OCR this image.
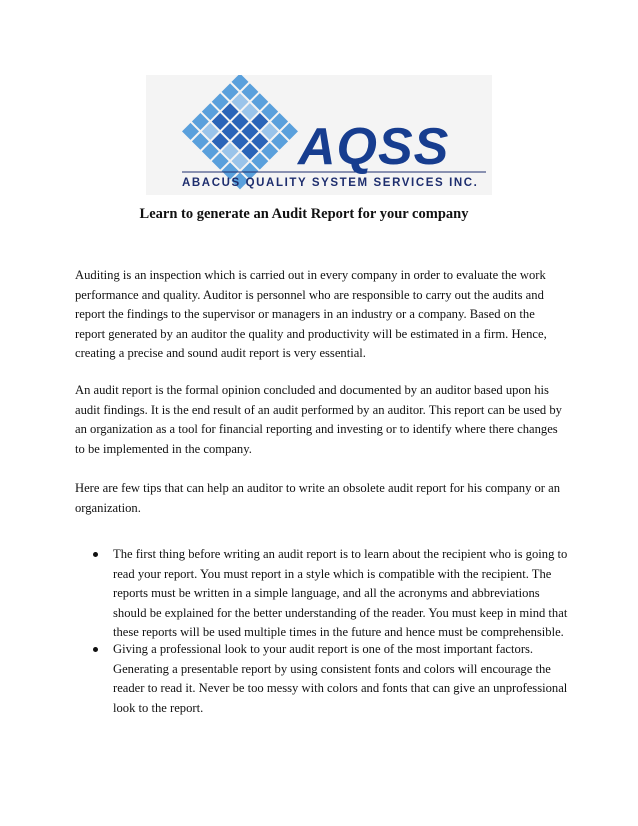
AQSS
ABACUS QUALITY SYSTEM SERVICES INC.
Learn to generate an Audit Report for your company

Auditing is an inspection which is carried out in every company in order to evaluate the work performance and quality. Auditor is personnel who are responsible to carry out the audits and report the findings to the supervisor or managers in an industry or a company. Based on the report generated by an auditor the quality and productivity will be estimated in a firm. Hence, creating a precise and sound audit report is very essential.

An audit report is the formal opinion concluded and documented by an auditor based upon his audit findings. It is the end result of an audit performed by an auditor. This report can be used by an organization as a tool for financial reporting and investing or to identify where there changes to be implemented in the company.

Here are few tips that can help an auditor to write an obsolete audit report for his company or an organization.

The first thing before writing an audit report is to learn about the recipient who is going to read your report. You must report in a style which is compatible with the recipient. The reports must be written in a simple language, and all the acronyms and abbreviations should be explained for the better understanding of the reader. You must keep in mind that these reports will be used multiple times in the future and hence must be comprehensible.

Giving a professional look to your audit report is one of the most important factors. Generating a presentable report by using consistent fonts and colors will encourage the reader to read it. Never be too messy with colors and fonts that can give an unprofessional look to the report.
